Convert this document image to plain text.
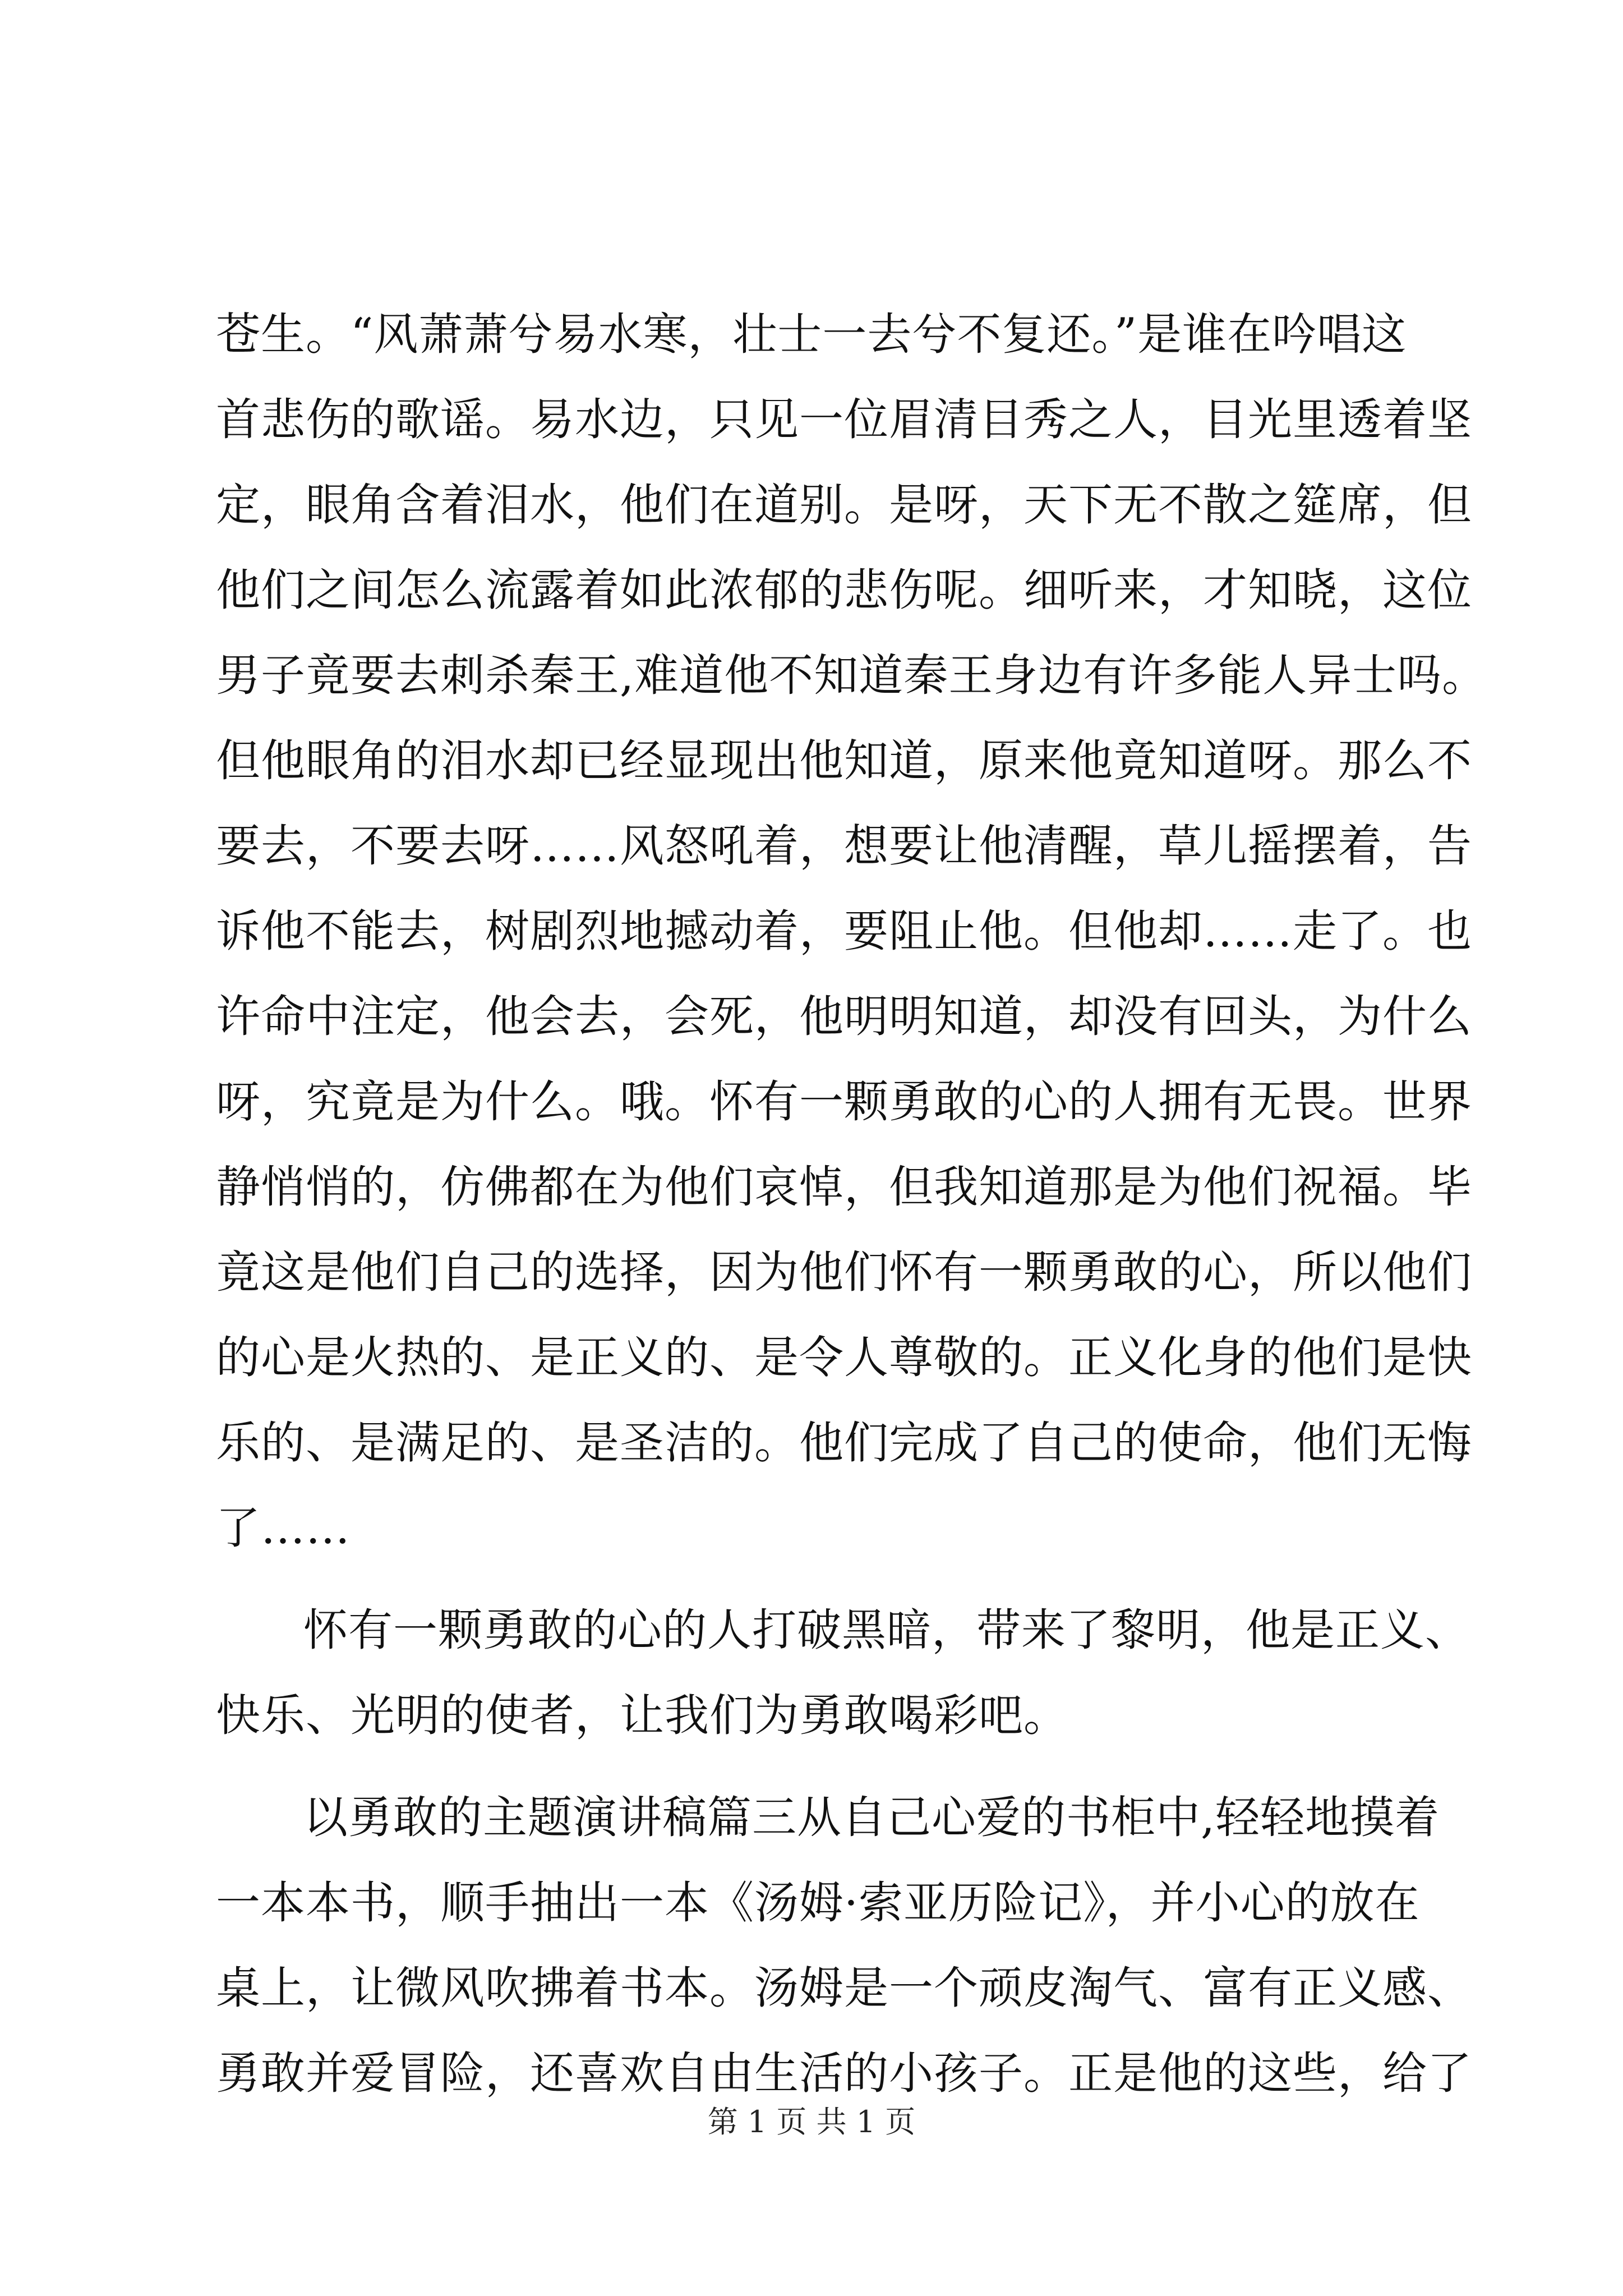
苍生。“风萧萧兮易水寒，壮士一去兮不复还。”是谁在吟唱这
首悲伤的歌谣。易水边，只见一位眉清目秀之人，目光里透着坚
定，眼角含着泪水，他们在道别。是呀，天下无不散之筵席，但
他们之间怎么流露着如此浓郁的悲伤呢。细听来，才知晓，这位
男子竟要去刺杀秦王,难道他不知道秦王身边有许多能人异士吗。
但他眼角的泪水却已经显现出他知道，原来他竟知道呀。那么不
要去，不要去呀……风怒吼着，想要让他清醒，草儿摇摆着，告
诉他不能去，树剧烈地撼动着，要阻止他。但他却……走了。也
许命中注定，他会去，会死，他明明知道，却没有回头，为什么
呀，究竟是为什么。哦。怀有一颗勇敢的心的人拥有无畏。世界
静悄悄的，仿佛都在为他们哀悼，但我知道那是为他们祝福。毕
竟这是他们自己的选择，因为他们怀有一颗勇敢的心，所以他们
的心是火热的、是正义的、是令人尊敬的。正义化身的他们是快
乐的、是满足的、是圣洁的。他们完成了自己的使命，他们无悔
了……
怀有一颗勇敢的心的人打破黑暗，带来了黎明，他是正义、
快乐、光明的使者，让我们为勇敢喝彩吧。
以勇敢的主题演讲稿篇三从自己心爱的书柜中,轻轻地摸着
一本本书，顺手抽出一本《汤姆·索亚历险记》，并小心的放在
桌上，让微风吹拂着书本。汤姆是一个顽皮淘气、富有正义感、
勇敢并爱冒险，还喜欢自由生活的小孩子。正是他的这些，给了
第 1 页 共 1 页
